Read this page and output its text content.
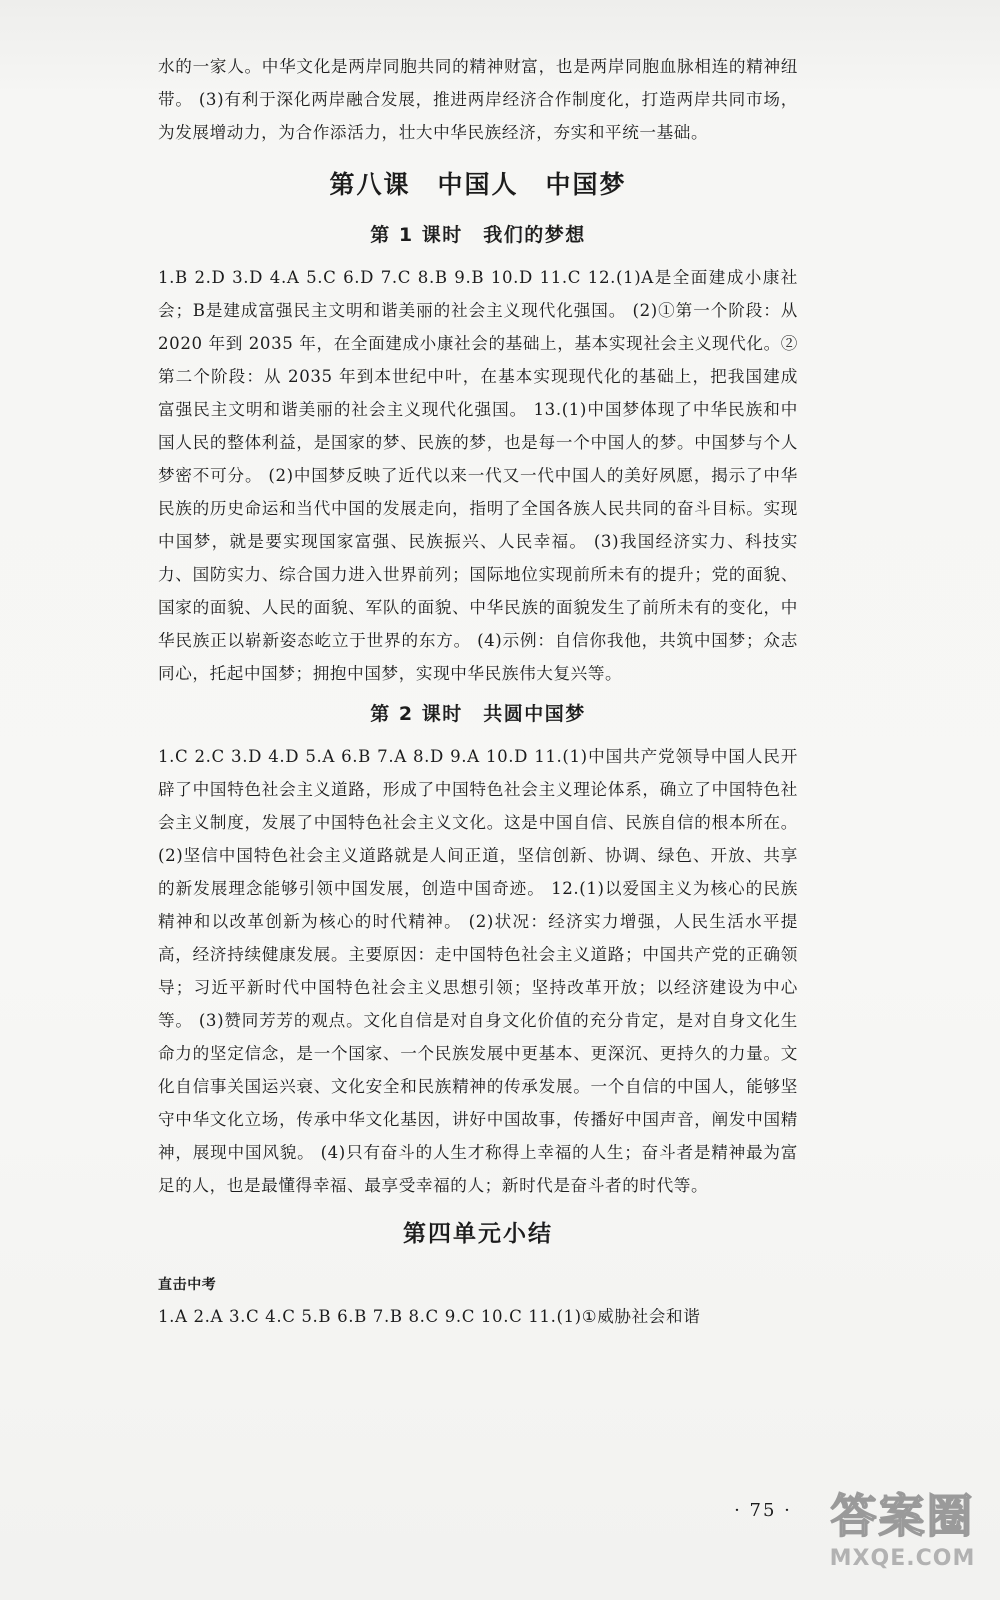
水的一家人。中华文化是两岸同胞共同的精神财富，也是两岸同胞血脉相连的精神纽带。 (3)有利于深化两岸融合发展，推进两岸经济合作制度化，打造两岸共同市场，为发展增动力，为合作添活力，壮大中华民族经济，夯实和平统一基础。

第八课　中国人　中国梦
第 1 课时　我们的梦想

1.B 2.D 3.D 4.A 5.C 6.D 7.C 8.B 9.B 10.D 11.C 12.(1)A是全面建成小康社会；B是建成富强民主文明和谐美丽的社会主义现代化强国。 (2)①第一个阶段：从 2020 年到 2035 年，在全面建成小康社会的基础上，基本实现社会主义现代化。②第二个阶段：从 2035 年到本世纪中叶，在基本实现现代化的基础上，把我国建成富强民主文明和谐美丽的社会主义现代化强国。 13.(1)中国梦体现了中华民族和中国人民的整体利益，是国家的梦、民族的梦，也是每一个中国人的梦。中国梦与个人梦密不可分。 (2)中国梦反映了近代以来一代又一代中国人的美好夙愿，揭示了中华民族的历史命运和当代中国的发展走向，指明了全国各族人民共同的奋斗目标。实现中国梦，就是要实现国家富强、民族振兴、人民幸福。 (3)我国经济实力、科技实力、国防实力、综合国力进入世界前列；国际地位实现前所未有的提升；党的面貌、国家的面貌、人民的面貌、军队的面貌、中华民族的面貌发生了前所未有的变化，中华民族正以崭新姿态屹立于世界的东方。 (4)示例：自信你我他，共筑中国梦；众志同心，托起中国梦；拥抱中国梦，实现中华民族伟大复兴等。

第 2 课时　共圆中国梦

1.C 2.C 3.D 4.D 5.A 6.B 7.A 8.D 9.A 10.D 11.(1)中国共产党领导中国人民开辟了中国特色社会主义道路，形成了中国特色社会主义理论体系，确立了中国特色社会主义制度，发展了中国特色社会主义文化。这是中国自信、民族自信的根本所在。 (2)坚信中国特色社会主义道路就是人间正道，坚信创新、协调、绿色、开放、共享的新发展理念能够引领中国发展，创造中国奇迹。 12.(1)以爱国主义为核心的民族精神和以改革创新为核心的时代精神。 (2)状况：经济实力增强，人民生活水平提高，经济持续健康发展。主要原因：走中国特色社会主义道路；中国共产党的正确领导；习近平新时代中国特色社会主义思想引领；坚持改革开放；以经济建设为中心等。 (3)赞同芳芳的观点。文化自信是对自身文化价值的充分肯定，是对自身文化生命力的坚定信念，是一个国家、一个民族发展中更基本、更深沉、更持久的力量。文化自信事关国运兴衰、文化安全和民族精神的传承发展。一个自信的中国人，能够坚守中华文化立场，传承中华文化基因，讲好中国故事，传播好中国声音，阐发中国精神，展现中国风貌。 (4)只有奋斗的人生才称得上幸福的人生；奋斗者是精神最为富足的人，也是最懂得幸福、最享受幸福的人；新时代是奋斗者的时代等。

第四单元小结

直击中考

1.A 2.A 3.C 4.C 5.B 6.B 7.B 8.C 9.C 10.C 11.(1)①威胁社会和谐

· 75 · 答案圈
MXQE.COM
